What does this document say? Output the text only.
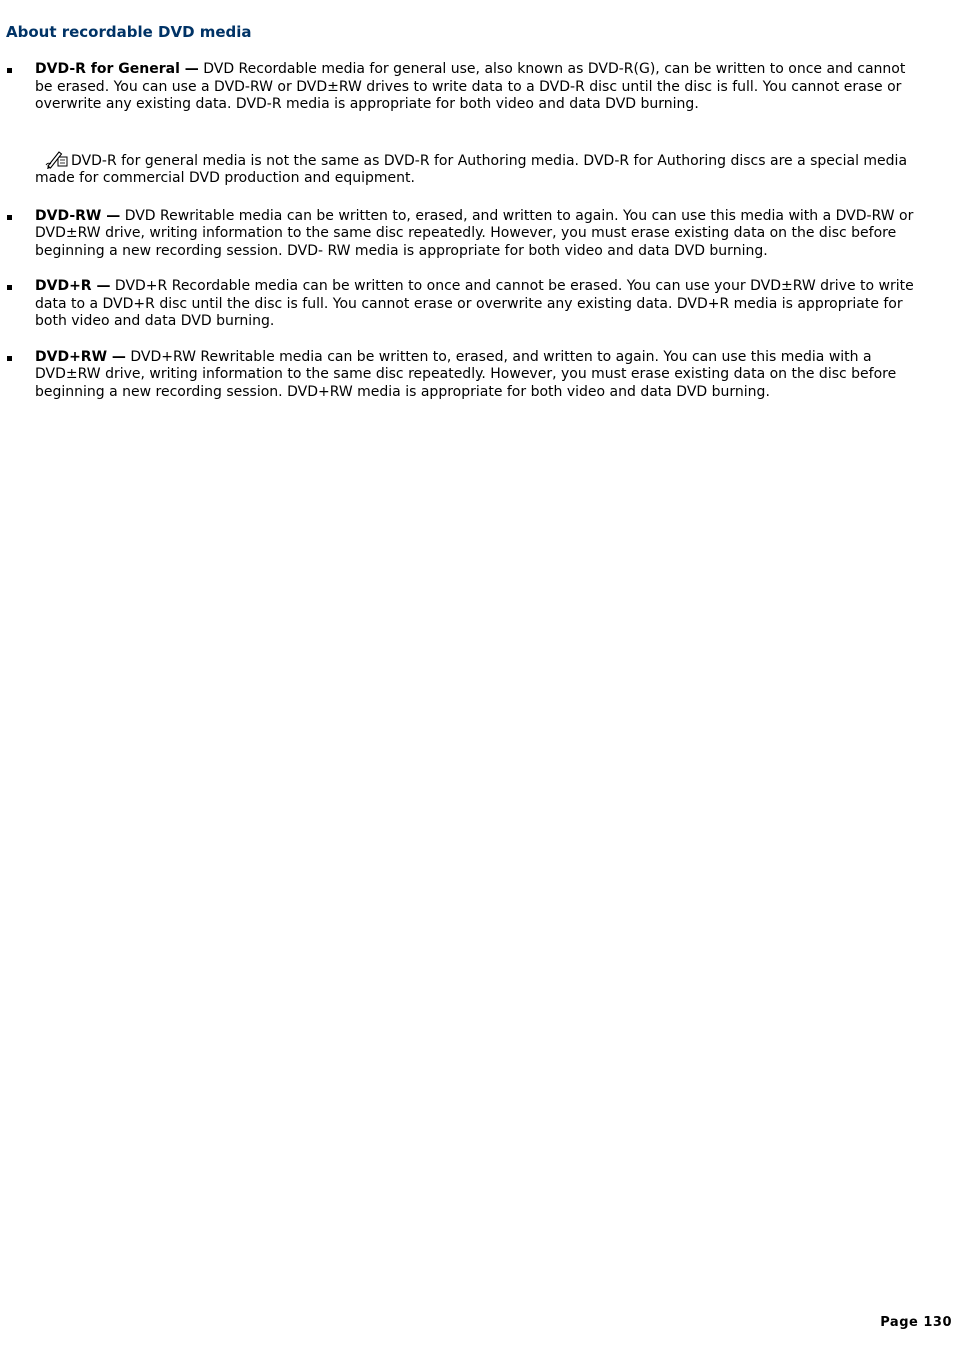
About recordable DVD media
DVD-R for General — DVD Recordable media for general use, also known as DVD-R(G), can be written to once and cannot be erased. You can use a DVD-RW or DVD±RW drives to write data to a DVD-R disc until the disc is full. You cannot erase or overwrite any existing data. DVD-R media is appropriate for both video and data DVD burning.
DVD-R for general media is not the same as DVD-R for Authoring media. DVD-R for Authoring discs are a special media made for commercial DVD production and equipment.
DVD-RW — DVD Rewritable media can be written to, erased, and written to again. You can use this media with a DVD-RW or DVD±RW drive, writing information to the same disc repeatedly. However, you must erase existing data on the disc before beginning a new recording session. DVD- RW media is appropriate for both video and data DVD burning.
DVD+R — DVD+R Recordable media can be written to once and cannot be erased. You can use your DVD±RW drive to write data to a DVD+R disc until the disc is full. You cannot erase or overwrite any existing data. DVD+R media is appropriate for both video and data DVD burning.
DVD+RW — DVD+RW Rewritable media can be written to, erased, and written to again. You can use this media with a DVD±RW drive, writing information to the same disc repeatedly. However, you must erase existing data on the disc before beginning a new recording session. DVD+RW media is appropriate for both video and data DVD burning.
Page 130
